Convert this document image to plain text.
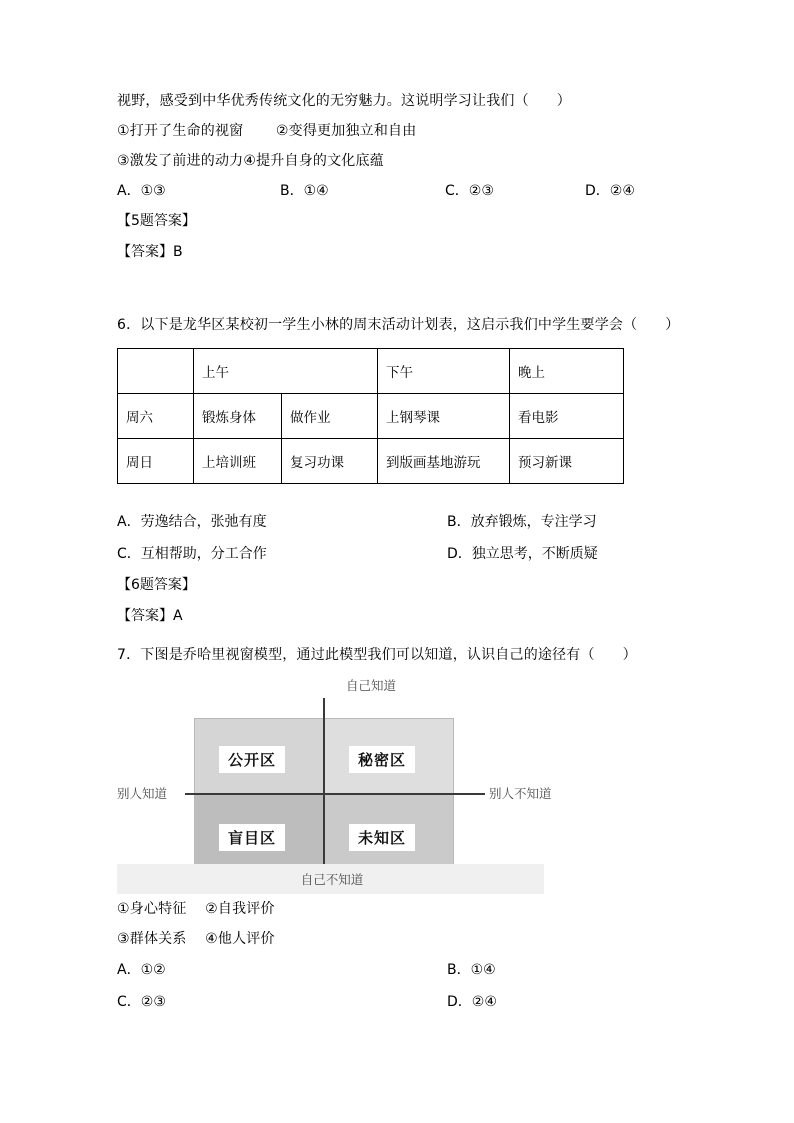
视野，感受到中华优秀传统文化的无穷魅力。这说明学习让我们（      ）
①打开了生命的视窗       ②变得更加独立和自由
③激发了前进的动力④提升自身的文化底蕴
A．①③	B．①④	C．②③	D．②④
【5题答案】
【答案】B
6．以下是龙华区某校初一学生小林的周末活动计划表，这启示我们中学生要学会（      ）
	上午		下午	晚上
周六	锻炼身体	做作业	上钢琴课	看电影
周日	上培训班	复习功课	到版画基地游玩	预习新课
A．劳逸结合，张弛有度	B．放弃锻炼，专注学习
C．互相帮助，分工合作	D．独立思考，不断质疑
【6题答案】
【答案】A
7．下图是乔哈里视窗模型，通过此模型我们可以知道，认识自己的途径有（      ）
自己知道
公开区	秘密区
盲目区	未知区
别人知道	别人不知道
自己不知道
①身心特征    ②自我评价
③群体关系    ④他人评价
A．①②	B．①④
C．②③	D．②④
